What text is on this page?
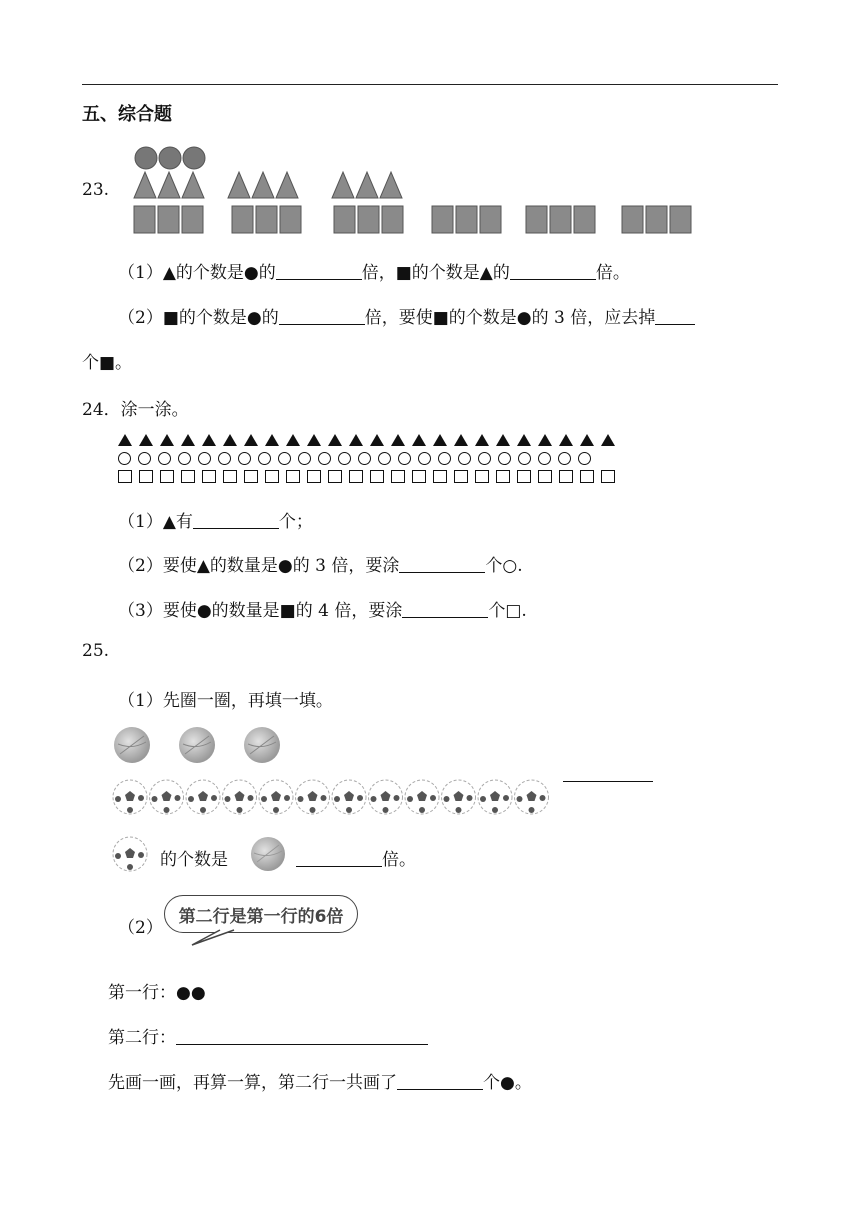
五、综合题
23.
（1）▲的个数是●的	倍，■的个数是▲的	倍。
（2）■的个数是●的	倍，要使■的个数是●的 3 倍，应去掉
个■。
24．涂一涂。
（1）▲有	个；
（2）要使▲的数量是●的 3 倍，要涂	个○.
（3）要使●的数量是■的 4 倍，要涂	个□.
25.
（1）先圈一圈，再填一填。
的个数是	倍。
（2）
第二行是第一行的6倍
第一行：●●
第二行：
先画一画，再算一算，第二行一共画了	个●。
